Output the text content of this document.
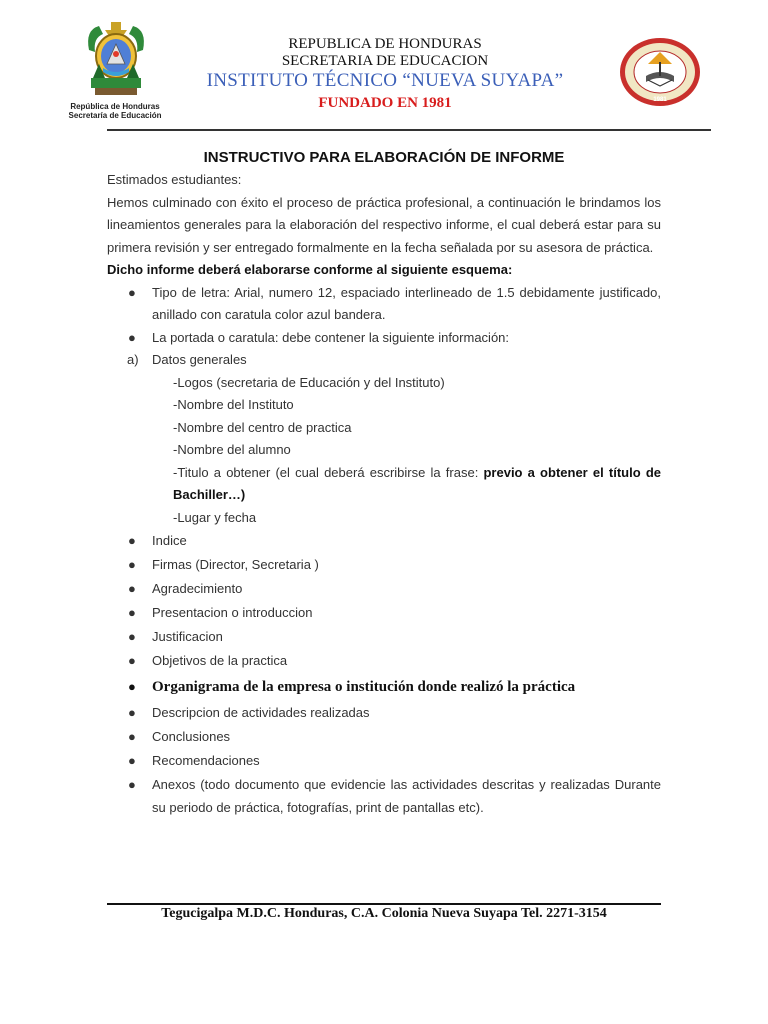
República de Honduras
Secretaría de Educación
REPUBLICA DE HONDURAS
SECRETARIA DE EDUCACION
INSTITUTO TÉCNICO “NUEVA SUYAPA”
FUNDADO EN 1981	1981
INSTRUCTIVO PARA ELABORACIÓN DE INFORME
Estimados estudiantes:
Hemos culminado con éxito el proceso de práctica profesional, a continuación le brindamos los lineamientos generales para la elaboración del respectivo informe, el cual deberá estar para su primera revisión y ser entregado formalmente en la fecha señalada por su asesora de práctica.
Dicho informe deberá elaborarse conforme al siguiente esquema:
● Tipo de letra: Arial, numero 12, espaciado interlineado de 1.5 debidamente justificado, anillado con caratula color azul bandera.
● La portada o caratula: debe contener la siguiente información:
a) Datos generales
-Logos (secretaria de Educación y del Instituto)
-Nombre del Instituto
-Nombre del centro de practica
-Nombre del alumno
-Titulo a obtener (el cual deberá escribirse la frase: previo a obtener el título de Bachiller…)
-Lugar y fecha
● Indice
● Firmas (Director, Secretaria )
● Agradecimiento
● Presentacion o introduccion
● Justificacion
● Objetivos de la practica
● Organigrama de la empresa o institución donde realizó la práctica
● Descripcion de actividades realizadas
● Conclusiones
● Recomendaciones
● Anexos (todo documento que evidencie las actividades descritas y realizadas Durante su periodo de práctica, fotografías, print de pantallas etc).
Tegucigalpa M.D.C. Honduras, C.A. Colonia Nueva Suyapa Tel. 2271-3154
